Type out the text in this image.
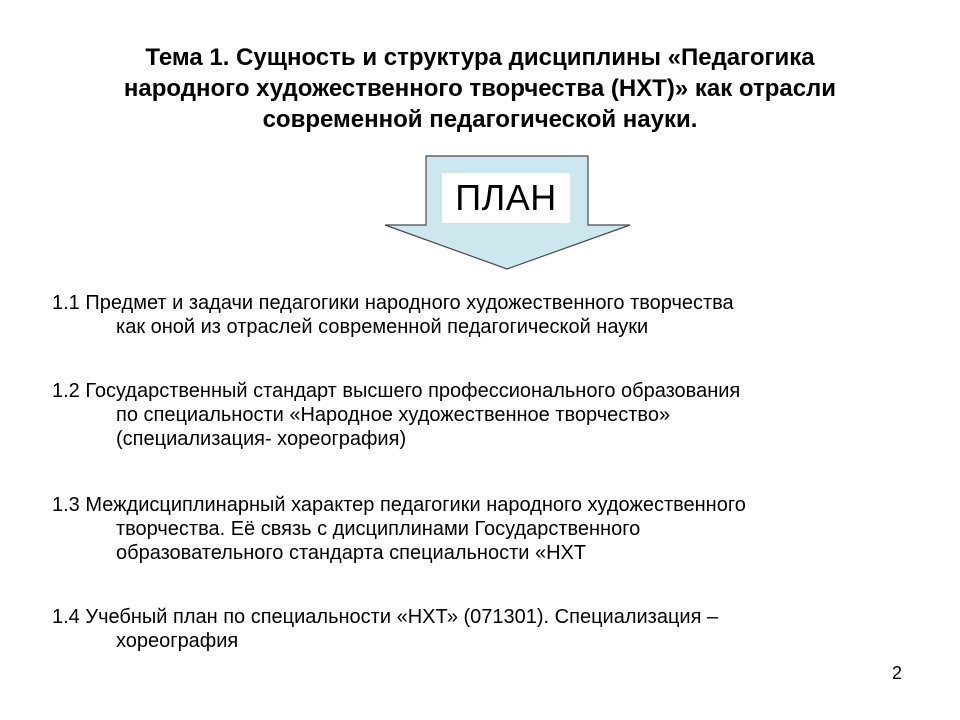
Тема 1. Сущность и структура дисциплины «Педагогика
народного художественного творчества (НХТ)» как отрасли
современной педагогической науки.
ПЛАН
1.1 Предмет и задачи педагогики народного художественного творчества
как оной из отраслей современной педагогической науки
1.2 Государственный стандарт высшего профессионального образования
по специальности «Народное художественное творчество»
(специализация- хореография)
1.3 Междисциплинарный характер педагогики народного художественного
творчества. Её связь с дисциплинами Государственного
образовательного стандарта специальности «НХТ
1.4 Учебный план по специальности «НХТ» (071301). Специализация –
хореография
2
